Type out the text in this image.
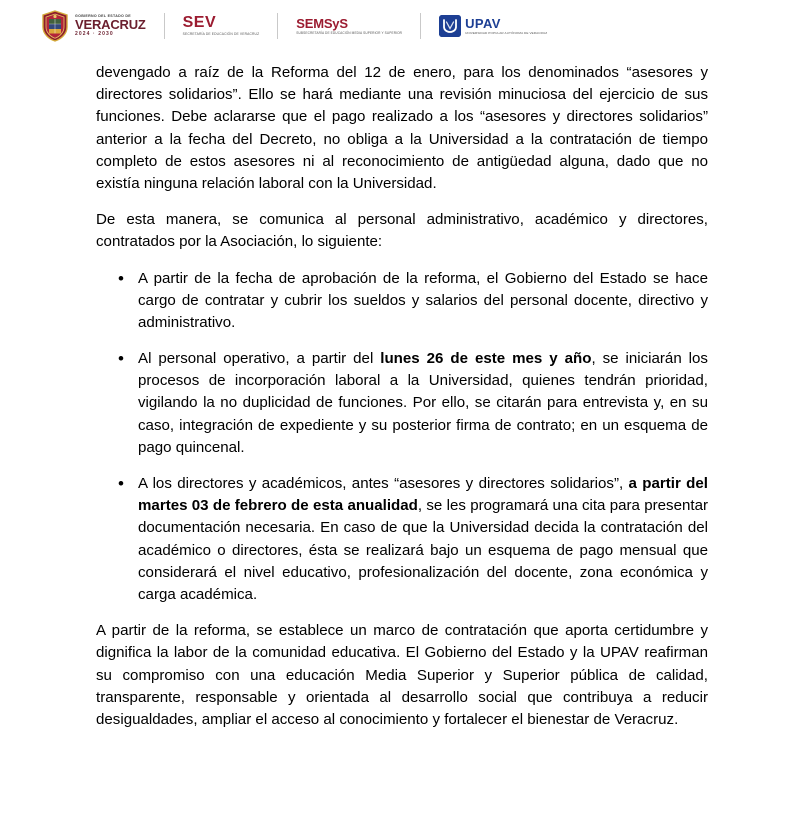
GOBIERNO DEL ESTADO DE
VERACRUZ
2024 · 2030
SEV
SECRETARÍA DE EDUCACIÓN DE VERACRUZ
SEMSyS
SUBSECRETARÍA DE EDUCACIÓN MEDIA SUPERIOR Y SUPERIOR
UPAV
UNIVERSIDAD POPULAR AUTÓNOMA DE VERACRUZ

devengado a raíz de la Reforma del 12 de enero, para los denominados “asesores y directores solidarios”. Ello se hará mediante una revisión minuciosa del ejercicio de sus funciones. Debe aclararse que el pago realizado a los “asesores y directores solidarios” anterior a la fecha del Decreto, no obliga a la Universidad a la contratación de tiempo completo de estos asesores ni al reconocimiento de antigüedad alguna, dado que no existía ninguna relación laboral con la Universidad.

De esta manera, se comunica al personal administrativo, académico y directores, contratados por la Asociación, lo siguiente:

• A partir de la fecha de aprobación de la reforma, el Gobierno del Estado se hace cargo de contratar y cubrir los sueldos y salarios del personal docente, directivo y administrativo.
• Al personal operativo, a partir del lunes 26 de este mes y año, se iniciarán los procesos de incorporación laboral a la Universidad, quienes tendrán prioridad, vigilando la no duplicidad de funciones. Por ello, se citarán para entrevista y, en su caso, integración de expediente y su posterior firma de contrato; en un esquema de pago quincenal.
• A los directores y académicos, antes “asesores y directores solidarios”, a partir del martes 03 de febrero de esta anualidad, se les programará una cita para presentar documentación necesaria. En caso de que la Universidad decida la contratación del académico o directores, ésta se realizará bajo un esquema de pago mensual que considerará el nivel educativo, profesionalización del docente, zona económica y carga académica.

A partir de la reforma, se establece un marco de contratación que aporta certidumbre y dignifica la labor de la comunidad educativa. El Gobierno del Estado y la UPAV reafirman su compromiso con una educación Media Superior y Superior pública de calidad, transparente, responsable y orientada al desarrollo social que contribuya a reducir desigualdades, ampliar el acceso al conocimiento y fortalecer el bienestar de Veracruz.
